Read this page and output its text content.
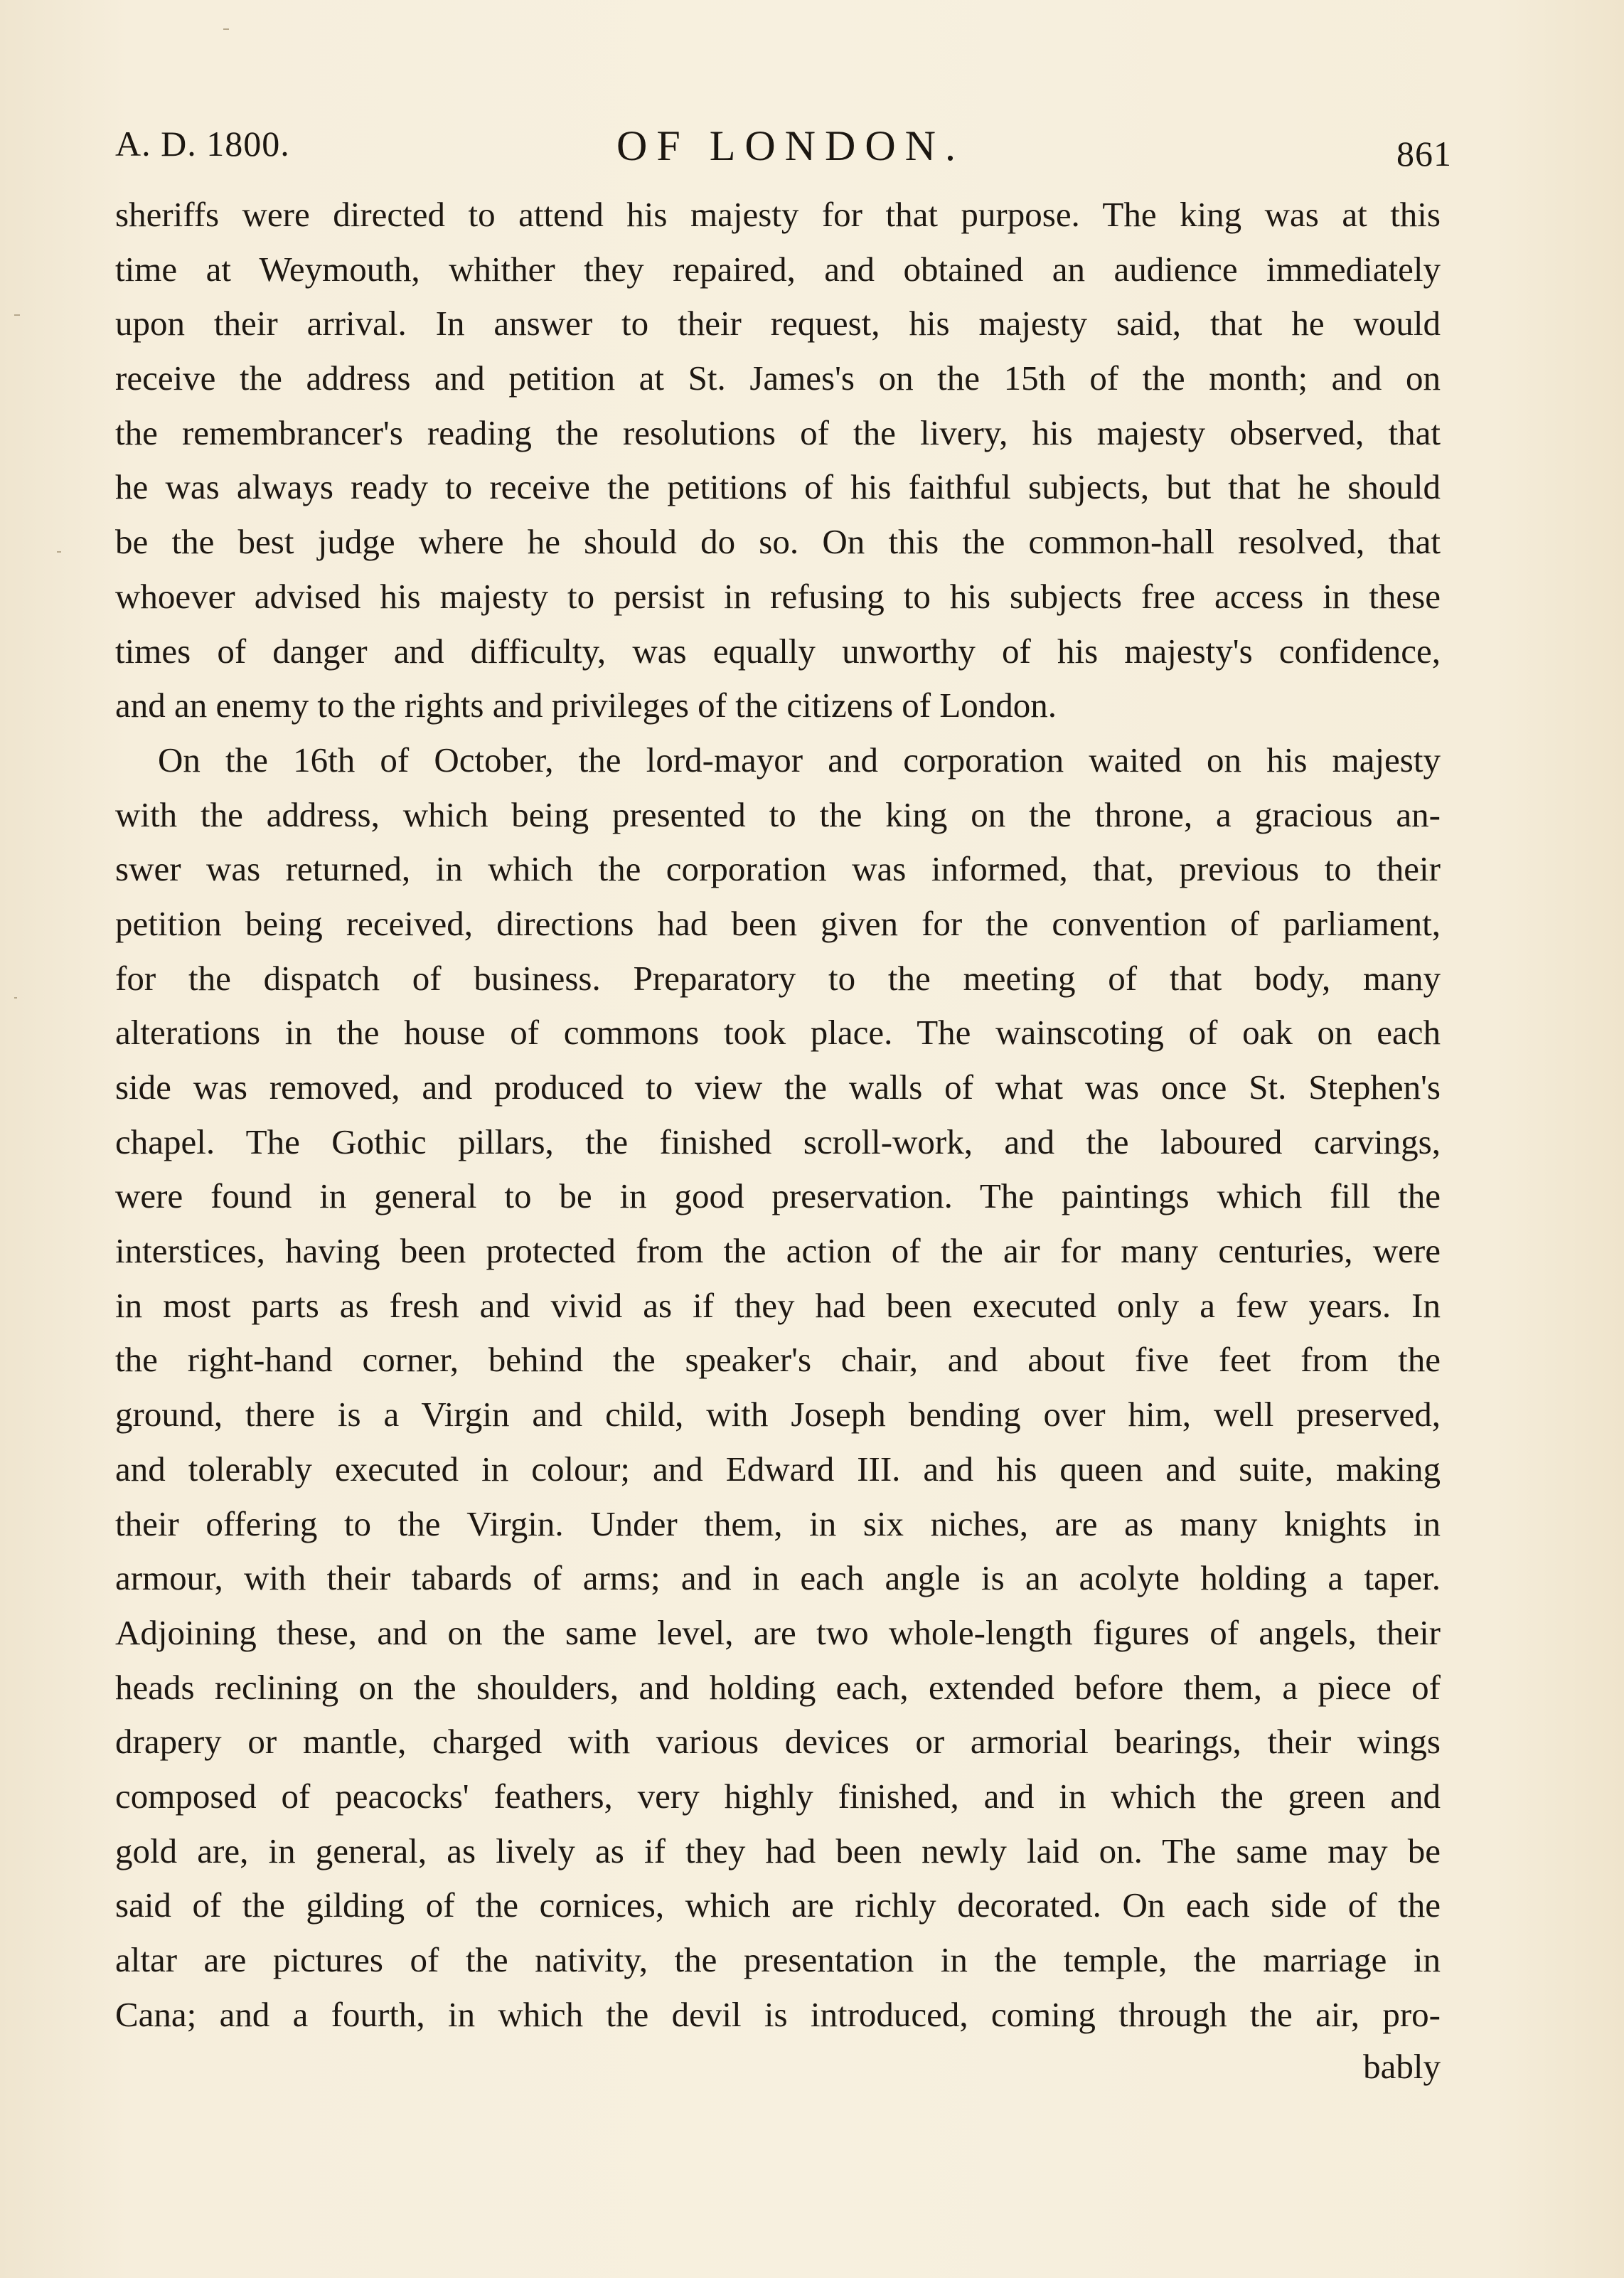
A. D. 1800.	OF LONDON.	861
sheriffs were directed to attend his majesty for that purpose. The king was at this
time at Weymouth, whither they repaired, and obtained an audience immediately
upon their arrival. In answer to their request, his majesty said, that he would
receive the address and petition at St. James's on the 15th of the month; and on
the remembrancer's reading the resolutions of the livery, his majesty observed, that
he was always ready to receive the petitions of his faithful subjects, but that he should
be the best judge where he should do so. On this the common-hall resolved, that
whoever advised his majesty to persist in refusing to his subjects free access in these
times of danger and difficulty, was equally unworthy of his majesty's confidence,
and an enemy to the rights and privileges of the citizens of London.
On the 16th of October, the lord-mayor and corporation waited on his majesty
with the address, which being presented to the king on the throne, a gracious an-
swer was returned, in which the corporation was informed, that, previous to their
petition being received, directions had been given for the convention of parliament,
for the dispatch of business. Preparatory to the meeting of that body, many
alterations in the house of commons took place. The wainscoting of oak on each
side was removed, and produced to view the walls of what was once St. Stephen's
chapel. The Gothic pillars, the finished scroll-work, and the laboured carvings,
were found in general to be in good preservation. The paintings which fill the
interstices, having been protected from the action of the air for many centuries, were
in most parts as fresh and vivid as if they had been executed only a few years. In
the right-hand corner, behind the speaker's chair, and about five feet from the
ground, there is a Virgin and child, with Joseph bending over him, well preserved,
and tolerably executed in colour; and Edward III. and his queen and suite, making
their offering to the Virgin. Under them, in six niches, are as many knights in
armour, with their tabards of arms; and in each angle is an acolyte holding a taper.
Adjoining these, and on the same level, are two whole-length figures of angels, their
heads reclining on the shoulders, and holding each, extended before them, a piece of
drapery or mantle, charged with various devices or armorial bearings, their wings
composed of peacocks' feathers, very highly finished, and in which the green and
gold are, in general, as lively as if they had been newly laid on. The same may be
said of the gilding of the cornices, which are richly decorated. On each side of the
altar are pictures of the nativity, the presentation in the temple, the marriage in
Cana; and a fourth, in which the devil is introduced, coming through the air, pro-
bably
